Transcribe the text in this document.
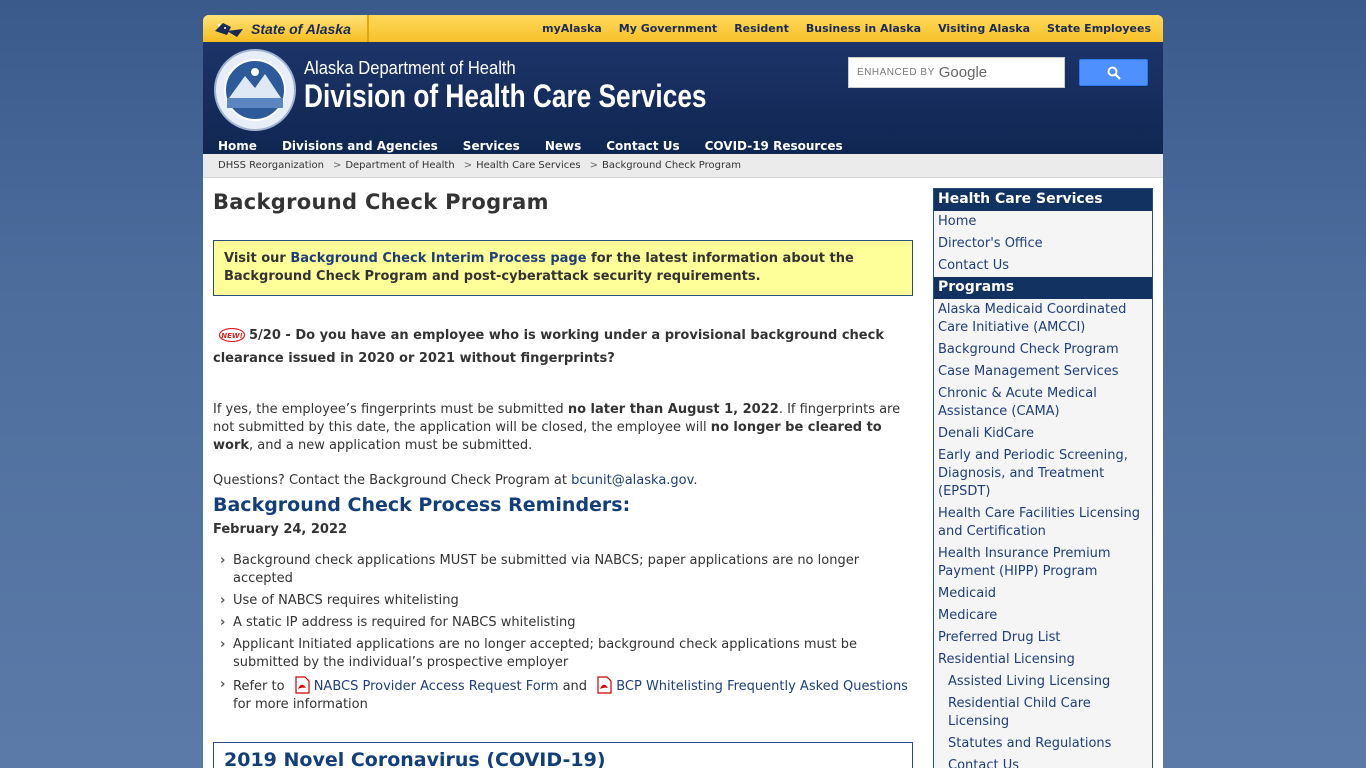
State of Alaska	myAlaska My Government Resident Business in Alaska Visiting Alaska State Employees
Alaska Department of Health
Division of Health Care Services
ENHANCED BY Google
Home Divisions and Agencies Services News Contact Us COVID-19 Resources
DHSS Reorganization > Department of Health > Health Care Services > Background Check Program
Background Check Program
Visit our Background Check Interim Process page for the latest information about the Background Check Program and post-cyberattack security requirements.
NEW! 5/20 - Do you have an employee who is working under a provisional background check clearance issued in 2020 or 2021 without fingerprints?

If yes, the employee’s fingerprints must be submitted no later than August 1, 2022. If fingerprints are not submitted by this date, the application will be closed, the employee will no longer be cleared to work, and a new application must be submitted.

Questions? Contact the Background Check Program at bcunit@alaska.gov.

Background Check Process Reminders:
February 24, 2022
› Background check applications MUST be submitted via NABCS; paper applications are no longer accepted
› Use of NABCS requires whitelisting
› A static IP address is required for NABCS whitelisting
› Applicant Initiated applications are no longer accepted; background check applications must be submitted by the individual’s prospective employer
› Refer to NABCS Provider Access Request Form and BCP Whitelisting Frequently Asked Questions
for more information
2019 Novel Coronavirus (COVID-19)
Health Care Services
Home
Director's Office
Contact Us
Programs
Alaska Medicaid Coordinated Care Initiative (AMCCI)
Background Check Program
Case Management Services
Chronic & Acute Medical Assistance (CAMA)
Denali KidCare
Early and Periodic Screening, Diagnosis, and Treatment (EPSDT)
Health Care Facilities Licensing and Certification
Health Insurance Premium Payment (HIPP) Program
Medicaid
Medicare
Preferred Drug List
Residential Licensing
Assisted Living Licensing
Residential Child Care Licensing
Statutes and Regulations
Contact Us
